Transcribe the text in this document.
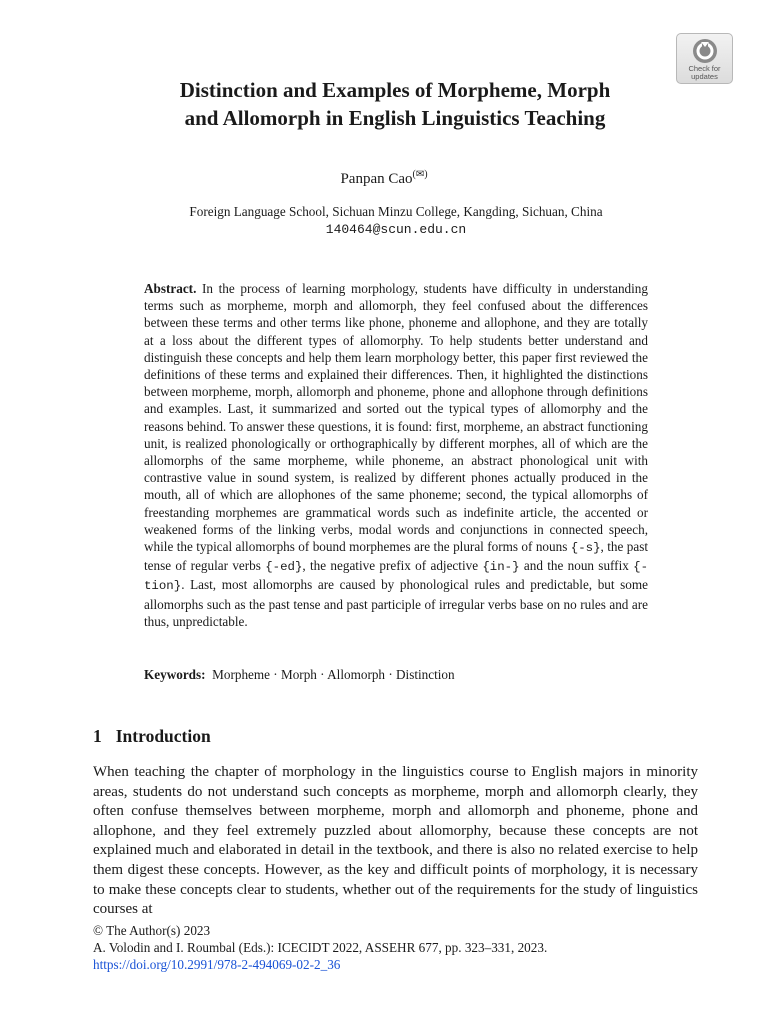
Check for
updates
Distinction and Examples of Morpheme, Morph
and Allomorph in English Linguistics Teaching
Panpan Cao(✉)
Foreign Language School, Sichuan Minzu College, Kangding, Sichuan, China
140464@scun.edu.cn

Abstract. In the process of learning morphology, students have difficulty in understanding terms such as morpheme, morph and allomorph, they feel confused about the differences between these terms and other terms like phone, phoneme and allophone, and they are totally at a loss about the different types of allomorphy. To help students better understand and distinguish these concepts and help them learn morphology better, this paper first reviewed the definitions of these terms and explained their differences. Then, it highlighted the distinctions between morpheme, morph, allomorph and phoneme, phone and allophone through definitions and examples. Last, it summarized and sorted out the typical types of allomorphy and the reasons behind. To answer these questions, it is found: first, morpheme, an abstract functioning unit, is realized phonologically or orthographically by different morphes, all of which are the allomorphs of the same morpheme, while phoneme, an abstract phonological unit with contrastive value in sound system, is realized by different phones actually produced in the mouth, all of which are allophones of the same phoneme; second, the typical allomorphs of freestanding morphemes are grammatical words such as indefinite article, the accented or weakened forms of the linking verbs, modal words and conjunctions in connected speech, while the typical allomorphs of bound morphemes are the plural forms of nouns {-s}, the past tense of regular verbs {-ed}, the negative prefix of adjective {in-} and the noun suffix {-tion}. Last, most allomorphs are caused by phonological rules and predictable, but some allomorphs such as the past tense and past participle of irregular verbs base on no rules and are thus, unpredictable.

Keywords: Morpheme · Morph · Allomorph · Distinction
1 Introduction

When teaching the chapter of morphology in the linguistics course to English majors in minority areas, students do not understand such concepts as morpheme, morph and allomorph clearly, they often confuse themselves between morpheme, morph and allomorph and phoneme, phone and allophone, and they feel extremely puzzled about allomorphy, because these concepts are not explained much and elaborated in detail in the textbook, and there is also no related exercise to help them digest these concepts. However, as the key and difficult points of morphology, it is necessary to make these concepts clear to students, whether out of the requirements for the study of linguistics courses at

© The Author(s) 2023
A. Volodin and I. Roumbal (Eds.): ICECIDT 2022, ASSEHR 677, pp. 323–331, 2023.
https://doi.org/10.2991/978-2-494069-02-2_36
